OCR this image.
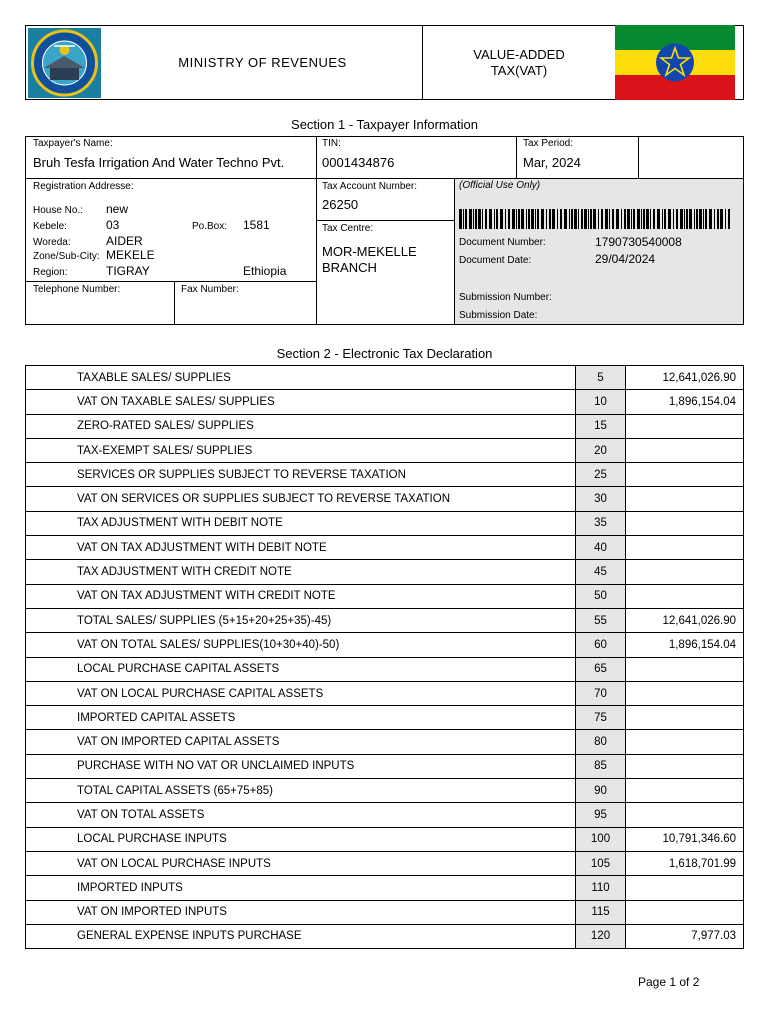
MINISTRY OF REVENUES
VALUE-ADDED
TAX(VAT)
Section 1 - Taxpayer Information
Taxpayer's Name:
Bruh Tesfa Irrigation And Water Techno Pvt.
TIN:
0001434876
Tax Period:
Mar, 2024
Registration Addresse:
House No.: new
Kebele:	03	Po.Box: 1581
Woreda:	AIDER
Zone/Sub-City: MEKELE
Region:	TIGRAY	Ethiopia
Telephone Number:	Fax Number:
Tax Account Number:
26250
Tax Centre:
MOR-MEKELLE
BRANCH
(Official Use Only)
Document Number:	1790730540008
Document Date:	29/04/2024
Submission Number:
Submission Date:
Section 2 - Electronic Tax Declaration
TAXABLE SALES/ SUPPLIES	5	12,641,026.90
VAT ON TAXABLE SALES/ SUPPLIES	10	1,896,154.04
ZERO-RATED SALES/ SUPPLIES	15	
TAX-EXEMPT SALES/ SUPPLIES	20	
SERVICES OR SUPPLIES SUBJECT TO REVERSE TAXATION	25	
VAT ON SERVICES OR SUPPLIES SUBJECT TO REVERSE TAXATION	30	
TAX ADJUSTMENT WITH DEBIT NOTE	35	
VAT ON TAX ADJUSTMENT WITH DEBIT NOTE	40	
TAX ADJUSTMENT WITH CREDIT NOTE	45	
VAT ON TAX ADJUSTMENT WITH CREDIT NOTE	50	
TOTAL SALES/ SUPPLIES (5+15+20+25+35)-45)	55	12,641,026.90
VAT ON TOTAL SALES/ SUPPLIES(10+30+40)-50)	60	1,896,154.04
LOCAL PURCHASE CAPITAL ASSETS	65	
VAT ON LOCAL PURCHASE CAPITAL ASSETS	70	
IMPORTED CAPITAL ASSETS	75	
VAT ON IMPORTED CAPITAL ASSETS	80	
PURCHASE WITH NO VAT OR UNCLAIMED INPUTS	85	
TOTAL CAPITAL ASSETS (65+75+85)	90	
VAT ON TOTAL ASSETS	95	
LOCAL PURCHASE INPUTS	100	10,791,346.60
VAT ON LOCAL PURCHASE INPUTS	105	1,618,701.99
IMPORTED INPUTS	110	
VAT ON IMPORTED INPUTS	115	
GENERAL EXPENSE INPUTS PURCHASE	120	7,977.03
Page 1 of 2
